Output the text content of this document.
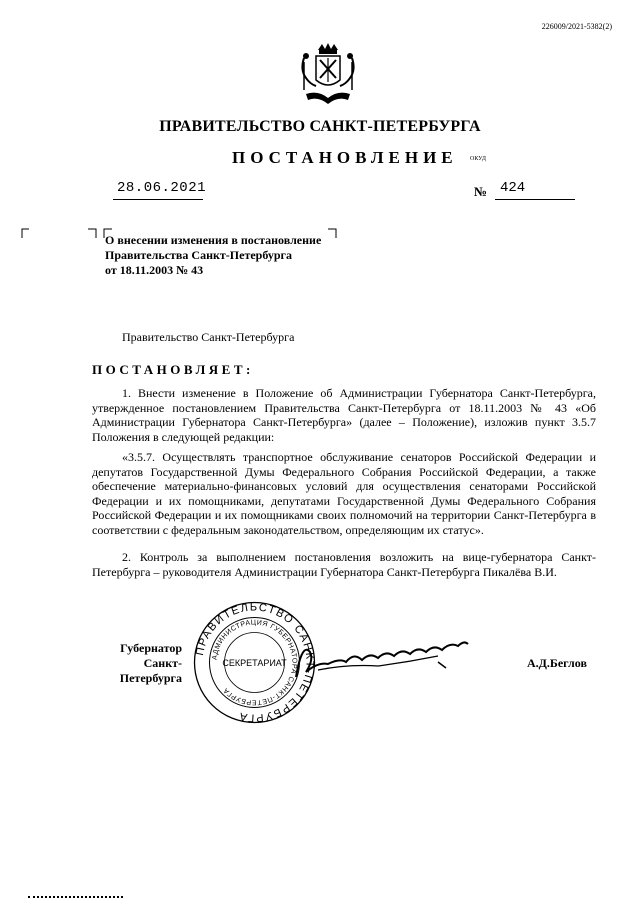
226009/2021-5382(2)
ПРАВИТЕЛЬСТВО САНКТ-ПЕТЕРБУРГА
ПОСТАНОВЛЕНИЕ ОКУД
28.06.2021	№ 424
О внесении изменения в постановление
Правительства Санкт-Петербурга
от 18.11.2003 № 43
Правительство Санкт-Петербурга
ПОСТАНОВЛЯЕТ:
1. Внести изменение в Положение об Администрации Губернатора Санкт-Петербурга, утвержденное постановлением Правительства Санкт-Петербурга от 18.11.2003 № 43 «Об Администрации Губернатора Санкт-Петербурга» (далее – Положение), изложив пункт 3.5.7 Положения в следующей редакции:
«3.5.7. Осуществлять транспортное обслуживание сенаторов Российской Федерации и депутатов Государственной Думы Федерального Собрания Российской Федерации, а также обеспечение материально-финансовых условий для осуществления сенаторами Российской Федерации и их помощниками, депутатами Государственной Думы Федерального Собрания Российской Федерации и их помощниками своих полномочий на территории Санкт-Петербурга в соответствии с федеральным законодательством, определяющим их статус».
2. Контроль за выполнением постановления возложить на вице-губернатора Санкт-Петербурга – руководителя Администрации Губернатора Санкт-Петербурга Пикалёва В.И.
Губернатор
Санкт-Петербурга
ПРАВИТЕЛЬСТВО САНКТ-ПЕТЕРБУРГА
АДМИНИСТРАЦИЯ ГУБЕРНАТОРА САНКТ-ПЕТЕРБУРГА
СЕКРЕТАРИАТ	А.Д.Беглов
